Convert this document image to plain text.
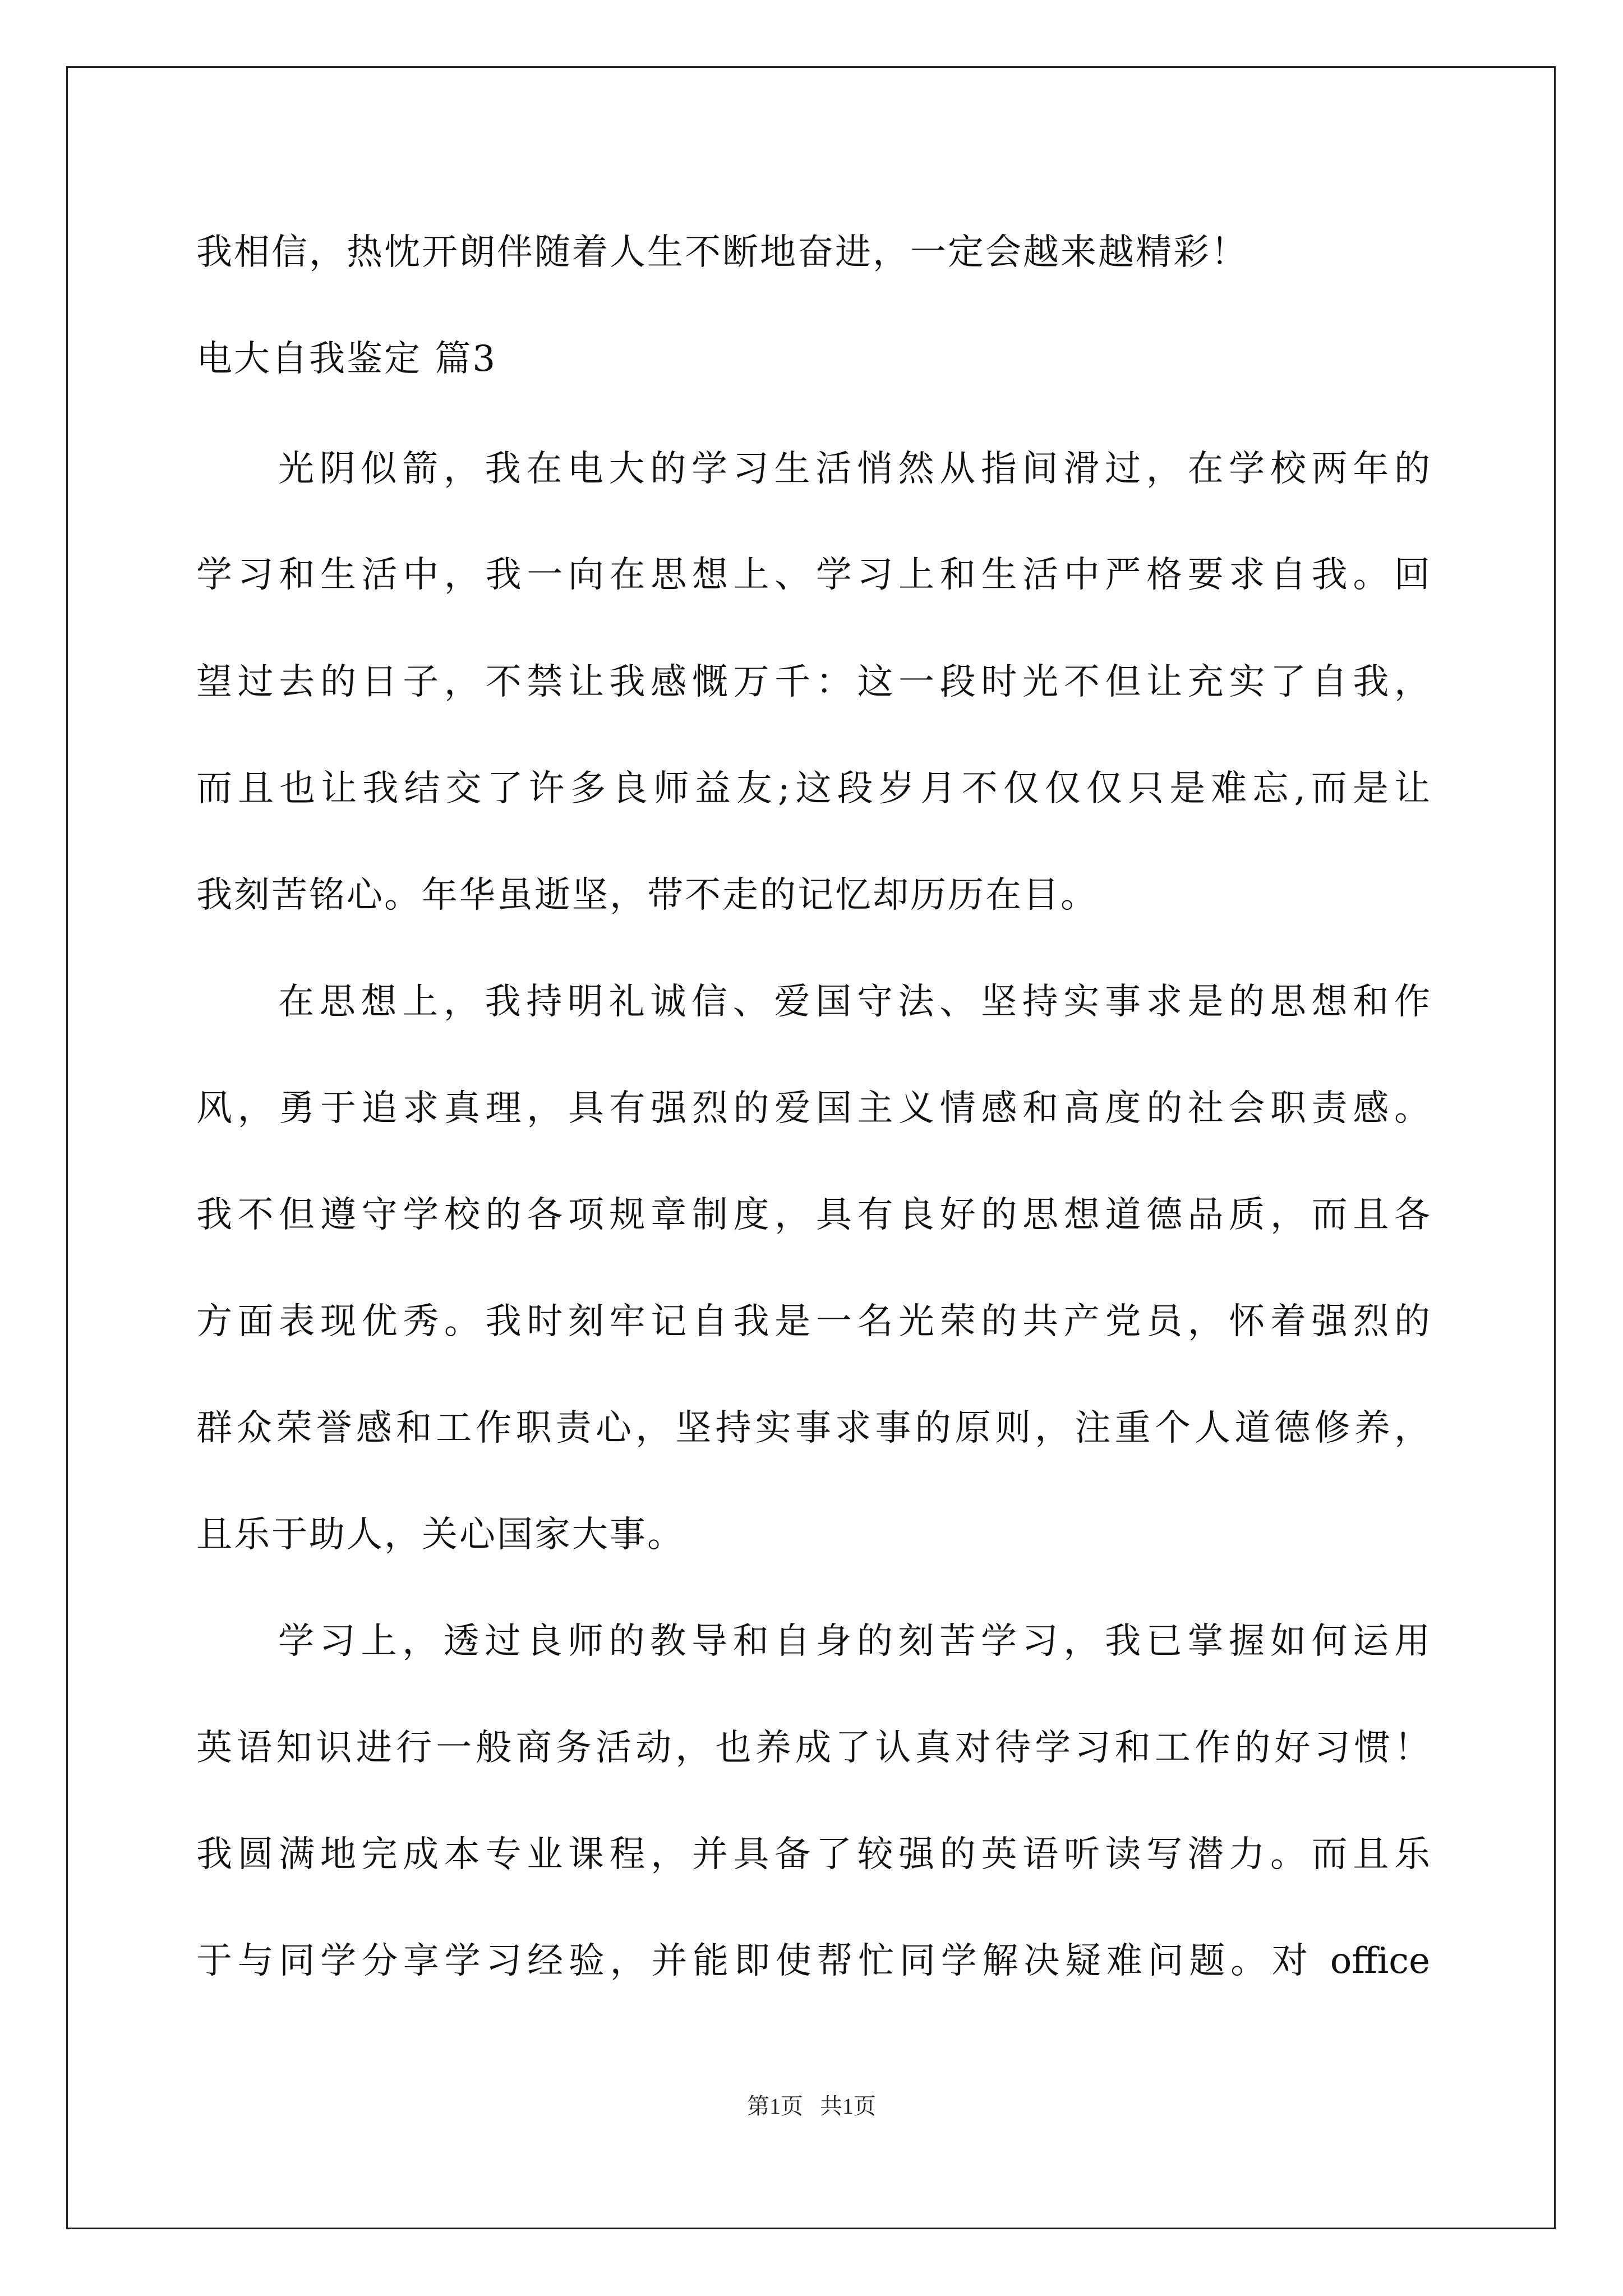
我相信，热忱开朗伴随着人生不断地奋进，一定会越来越精彩！
电大自我鉴定 篇3
光阴似箭，我在电大的学习生活悄然从指间滑过，在学校两年的
学习和生活中，我一向在思想上、学习上和生活中严格要求自我。回
望过去的日子，不禁让我感慨万千：这一段时光不但让充实了自我，
而且也让我结交了许多良师益友;这段岁月不仅仅仅只是难忘,而是让
我刻苦铭心。年华虽逝坚，带不走的记忆却历历在目。
在思想上，我持明礼诚信、爱国守法、坚持实事求是的思想和作
风，勇于追求真理，具有强烈的爱国主义情感和高度的社会职责感。
我不但遵守学校的各项规章制度，具有良好的思想道德品质，而且各
方面表现优秀。我时刻牢记自我是一名光荣的共产党员，怀着强烈的
群众荣誉感和工作职责心，坚持实事求事的原则，注重个人道德修养，
且乐于助人，关心国家大事。
学习上，透过良师的教导和自身的刻苦学习，我已掌握如何运用
英语知识进行一般商务活动，也养成了认真对待学习和工作的好习惯！
我圆满地完成本专业课程，并具备了较强的英语听读写潜力。而且乐
于与同学分享学习经验，并能即使帮忙同学解决疑难问题。对 office
第1页 共1页
